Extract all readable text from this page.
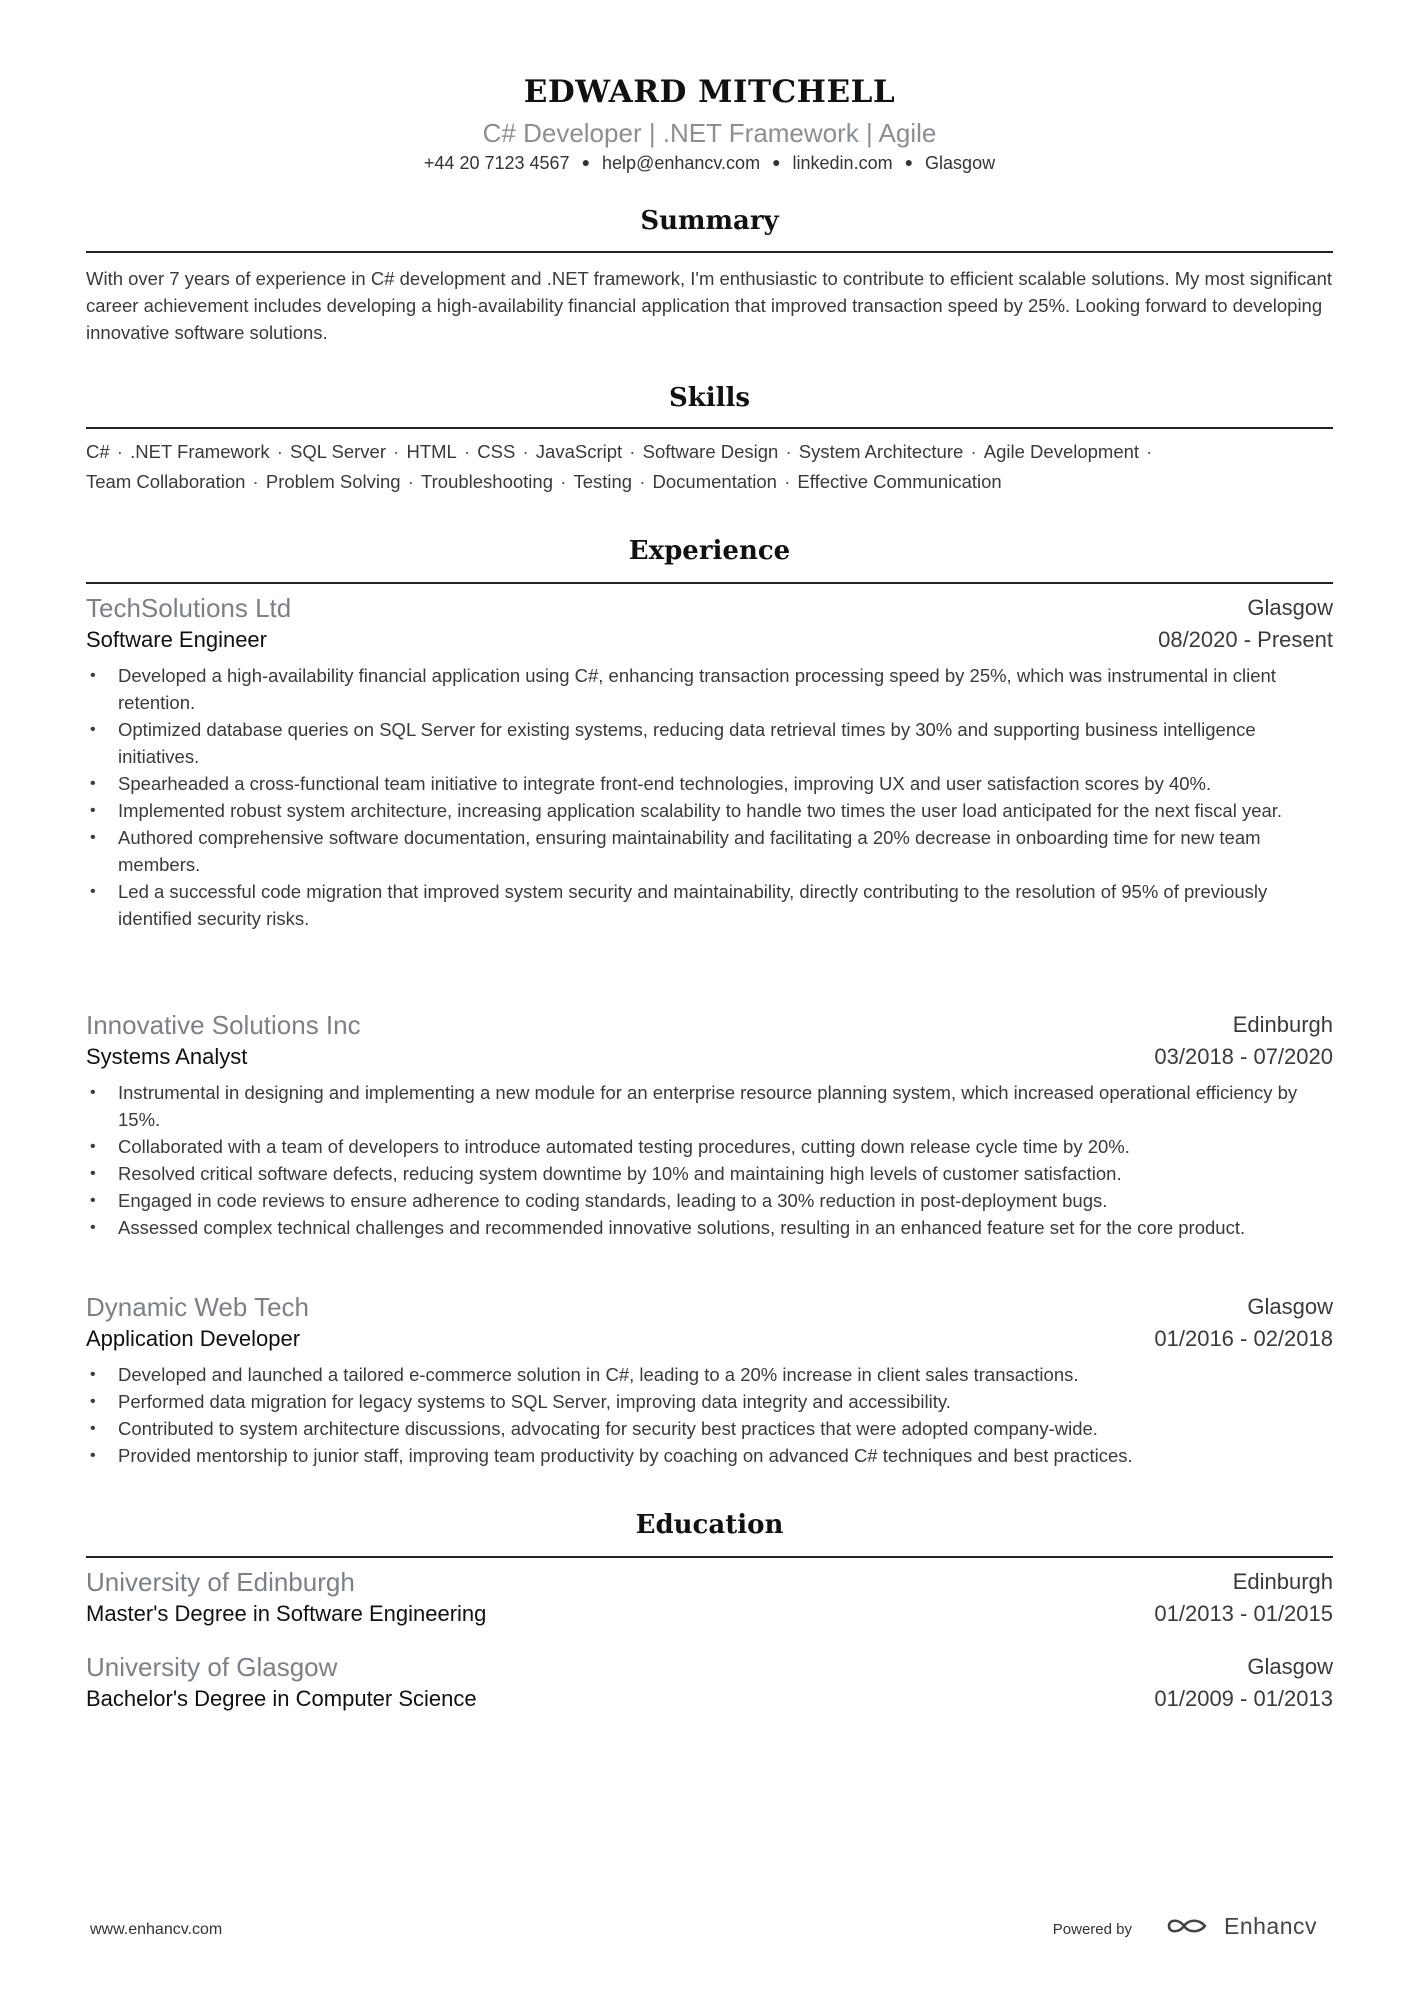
EDWARD MITCHELL
C# Developer | .NET Framework | Agile
+44 20 7123 4567 ● help@enhancv.com ● linkedin.com ● Glasgow
Summary
With over 7 years of experience in C# development and .NET framework, I'm enthusiastic to contribute to efficient scalable solutions. My most significant career achievement includes developing a high-availability financial application that improved transaction speed by 25%. Looking forward to developing innovative software solutions.
Skills
C# · .NET Framework · SQL Server · HTML · CSS · JavaScript · Software Design · System Architecture · Agile Development ·
Team Collaboration · Problem Solving · Troubleshooting · Testing · Documentation · Effective Communication
Experience
TechSolutions Ltd	Glasgow
Software Engineer	08/2020 - Present
• Developed a high-availability financial application using C#, enhancing transaction processing speed by 25%, which was instrumental in client retention.
• Optimized database queries on SQL Server for existing systems, reducing data retrieval times by 30% and supporting business intelligence initiatives.
• Spearheaded a cross-functional team initiative to integrate front-end technologies, improving UX and user satisfaction scores by 40%.
• Implemented robust system architecture, increasing application scalability to handle two times the user load anticipated for the next fiscal year.
• Authored comprehensive software documentation, ensuring maintainability and facilitating a 20% decrease in onboarding time for new team members.
• Led a successful code migration that improved system security and maintainability, directly contributing to the resolution of 95% of previously identified security risks.
Innovative Solutions Inc	Edinburgh
Systems Analyst	03/2018 - 07/2020
• Instrumental in designing and implementing a new module for an enterprise resource planning system, which increased operational efficiency by 15%.
• Collaborated with a team of developers to introduce automated testing procedures, cutting down release cycle time by 20%.
• Resolved critical software defects, reducing system downtime by 10% and maintaining high levels of customer satisfaction.
• Engaged in code reviews to ensure adherence to coding standards, leading to a 30% reduction in post-deployment bugs.
• Assessed complex technical challenges and recommended innovative solutions, resulting in an enhanced feature set for the core product.
Dynamic Web Tech	Glasgow
Application Developer	01/2016 - 02/2018
• Developed and launched a tailored e-commerce solution in C#, leading to a 20% increase in client sales transactions.
• Performed data migration for legacy systems to SQL Server, improving data integrity and accessibility.
• Contributed to system architecture discussions, advocating for security best practices that were adopted company-wide.
• Provided mentorship to junior staff, improving team productivity by coaching on advanced C# techniques and best practices.
Education
University of Edinburgh	Edinburgh
Master's Degree in Software Engineering	01/2013 - 01/2015
University of Glasgow	Glasgow
Bachelor's Degree in Computer Science	01/2009 - 01/2013
www.enhancv.com	Powered by	Enhancv
